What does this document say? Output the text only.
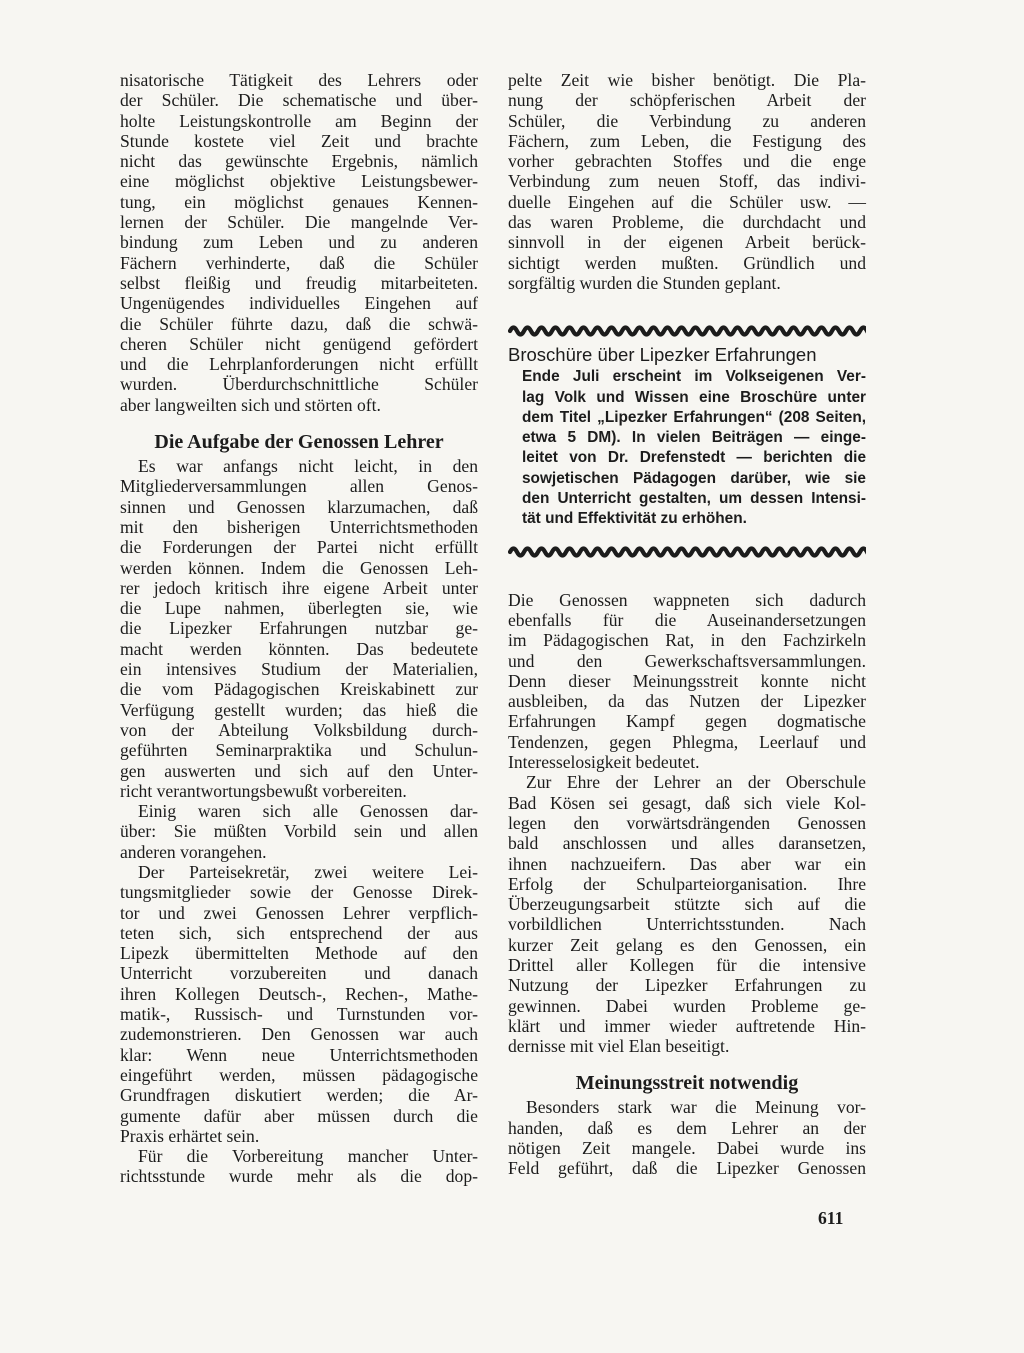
nisatorische Tätigkeit des Lehrers oder
der Schüler. Die schematische und über-
holte Leistungskontrolle am Beginn der
Stunde kostete viel Zeit und brachte
nicht das gewünschte Ergebnis, nämlich
eine möglichst objektive Leistungsbewer-
tung, ein möglichst genaues Kennen-
lernen der Schüler. Die mangelnde Ver-
bindung zum Leben und zu anderen
Fächern verhinderte, daß die Schüler
selbst fleißig und freudig mitarbeiteten.
Ungenügendes individuelles Eingehen auf
die Schüler führte dazu, daß die schwä-
cheren Schüler nicht genügend gefördert
und die Lehrplanforderungen nicht erfüllt
wurden. Überdurchschnittliche Schüler
aber langweilten sich und störten oft.
Die Aufgabe der Genossen Lehrer
Es war anfangs nicht leicht, in den
Mitgliederversammlungen allen Genos-
sinnen und Genossen klarzumachen, daß
mit den bisherigen Unterrichtsmethoden
die Forderungen der Partei nicht erfüllt
werden können. Indem die Genossen Leh-
rer jedoch kritisch ihre eigene Arbeit unter
die Lupe nahmen, überlegten sie, wie
die Lipezker Erfahrungen nutzbar ge-
macht werden könnten. Das bedeutete
ein intensives Studium der Materialien,
die vom Pädagogischen Kreiskabinett zur
Verfügung gestellt wurden; das hieß die
von der Abteilung Volksbildung durch-
geführten Seminarpraktika und Schulun-
gen auswerten und sich auf den Unter-
richt verantwortungsbewußt vorbereiten.
Einig waren sich alle Genossen dar-
über: Sie müßten Vorbild sein und allen
anderen vorangehen.
Der Parteisekretär, zwei weitere Lei-
tungsmitglieder sowie der Genosse Direk-
tor und zwei Genossen Lehrer verpflich-
teten sich, sich entsprechend der aus
Lipezk übermittelten Methode auf den
Unterricht vorzubereiten und danach
ihren Kollegen Deutsch-, Rechen-, Mathe-
matik-, Russisch- und Turnstunden vor-
zudemonstrieren. Den Genossen war auch
klar: Wenn neue Unterrichtsmethoden
eingeführt werden, müssen pädagogische
Grundfragen diskutiert werden; die Ar-
gumente dafür aber müssen durch die
Praxis erhärtet sein.
Für die Vorbereitung mancher Unter-
richtsstunde wurde mehr als die dop-
pelte Zeit wie bisher benötigt. Die Pla-
nung der schöpferischen Arbeit der
Schüler, die Verbindung zu anderen
Fächern, zum Leben, die Festigung des
vorher gebrachten Stoffes und die enge
Verbindung zum neuen Stoff, das indivi-
duelle Eingehen auf die Schüler usw. —
das waren Probleme, die durchdacht und
sinnvoll in der eigenen Arbeit berück-
sichtigt werden mußten. Gründlich und
sorgfältig wurden die Stunden geplant.
Broschüre über Lipezker Erfahrungen
Ende Juli erscheint im Volkseigenen Ver-
lag Volk und Wissen eine Broschüre unter
dem Titel „Lipezker Erfahrungen“ (208 Seiten,
etwa 5 DM). In vielen Beiträgen — einge-
leitet von Dr. Drefenstedt — berichten die
sowjetischen Pädagogen darüber, wie sie
den Unterricht gestalten, um dessen Intensi-
tät und Effektivität zu erhöhen.
Die Genossen wappneten sich dadurch
ebenfalls für die Auseinandersetzungen
im Pädagogischen Rat, in den Fachzirkeln
und den Gewerkschaftsversammlungen.
Denn dieser Meinungsstreit konnte nicht
ausbleiben, da das Nutzen der Lipezker
Erfahrungen Kampf gegen dogmatische
Tendenzen, gegen Phlegma, Leerlauf und
Interesselosigkeit bedeutet.
Zur Ehre der Lehrer an der Oberschule
Bad Kösen sei gesagt, daß sich viele Kol-
legen den vorwärtsdrängenden Genossen
bald anschlossen und alles daransetzen,
ihnen nachzueifern. Das aber war ein
Erfolg der Schulparteiorganisation. Ihre
Überzeugungsarbeit stützte sich auf die
vorbildlichen Unterrichtsstunden. Nach
kurzer Zeit gelang es den Genossen, ein
Drittel aller Kollegen für die intensive
Nutzung der Lipezker Erfahrungen zu
gewinnen. Dabei wurden Probleme ge-
klärt und immer wieder auftretende Hin-
dernisse mit viel Elan beseitigt.
Meinungsstreit notwendig
Besonders stark war die Meinung vor-
handen, daß es dem Lehrer an der
nötigen Zeit mangele. Dabei wurde ins
Feld geführt, daß die Lipezker Genossen
611
